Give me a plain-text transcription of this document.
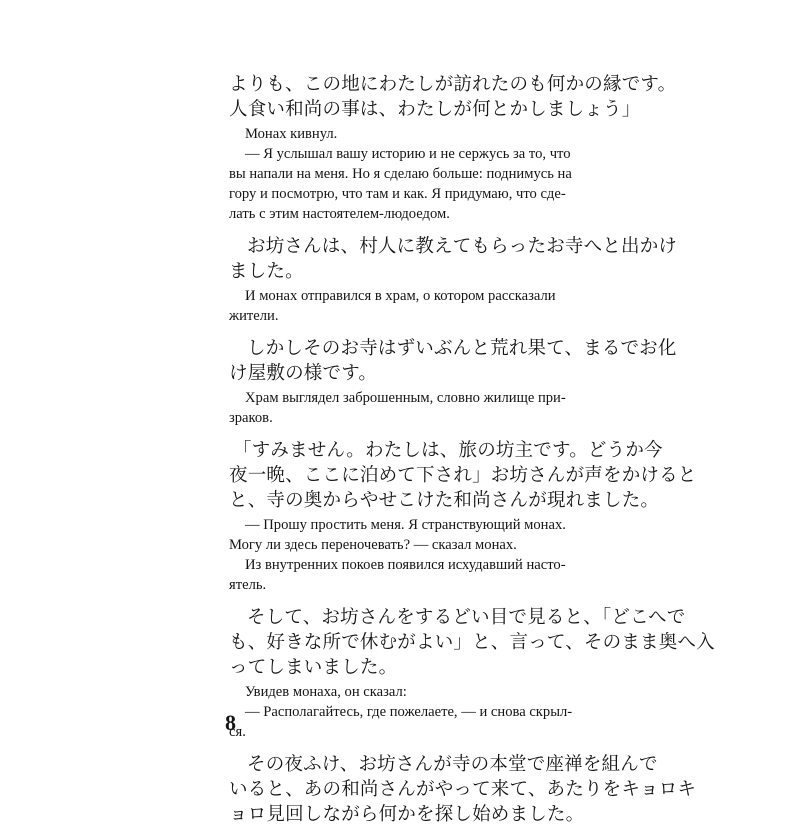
よりも、この地にわたしが訪れたのも何かの縁です。
人食い和尚の事は、わたしが何とかしましょう」
Монах кивнул.
— Я услышал вашу историю и не сержусь за то, что
вы напали на меня. Но я сделаю больше: поднимусь на
гору и посмотрю, что там и как. Я придумаю, что сде-
лать с этим настоятелем-людоедом.
お坊さんは、村人に教えてもらったお寺へと出かけ
ました。
И монах отправился в храм, о котором рассказали
жители.
しかしそのお寺はずいぶんと荒れ果て、まるでお化
け屋敷の様です。
Храм выглядел заброшенным, словно жилище при-
зраков.
「すみません。わたしは、旅の坊主です。どうか今
夜一晩、ここに泊めて下され」お坊さんが声をかけると
と、寺の奥からやせこけた和尚さんが現れました。
— Прошу простить меня. Я странствующий монах.
Могу ли здесь переночевать? — сказал монах.
Из внутренних покоев появился исхудавший насто-
ятель.
そして、お坊さんをするどい目で見ると、「どこへで
も、好きな所で休むがよい」と、言って、そのまま奥へ入
ってしまいました。
Увидев монаха, он сказал:
— Располагайтесь, где пожелаете, — и снова скрыл-
ся.
その夜ふけ、お坊さんが寺の本堂で座禅を組んで
いると、あの和尚さんがやって来て、あたりをキョロキ
ョロ見回しながら何かを探し始めました。
8
